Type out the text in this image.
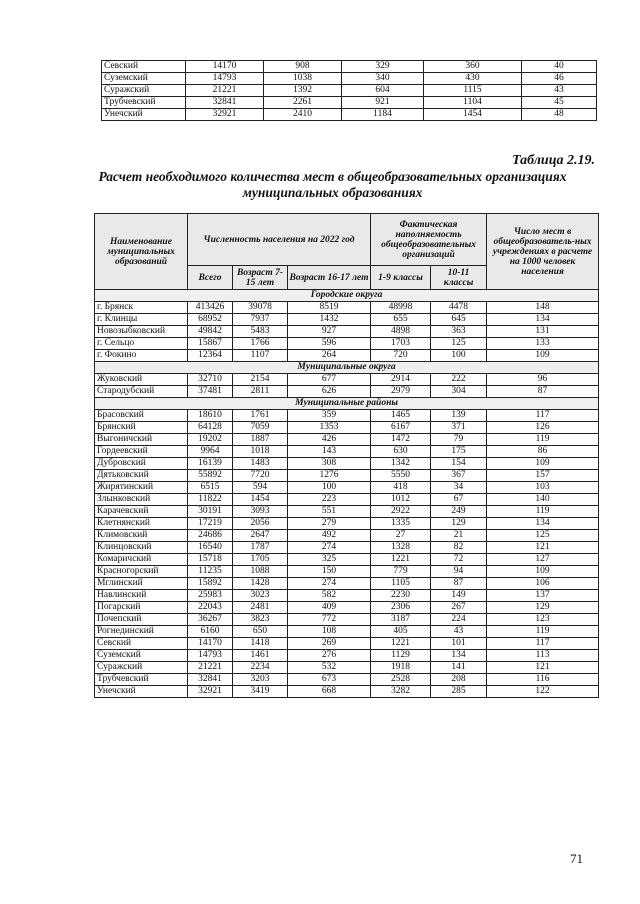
Севский	14170	908	329	360	40
Суземский	14793	1038	340	430	46
Суражский	21221	1392	604	1115	43
Трубчевский	32841	2261	921	1104	45
Унечский	32921	2410	1184	1454	48
Таблица 2.19.
Расчет необходимого количества мест в общеобразовательных организациях
муниципальных образованиях
Наименование муниципальных образований	Численность населения на 2022 год			Фактическая наполняемость общеобразовательных организаций		Число мест в общеобразователь-ных учреждениях в расчете на 1000 человек населения
	Всего	Возраст 7-15 лет	Возраст 16-17 лет	1-9 классы	10-11 классы	
Городские округа						
г. Брянск	413426	39078	8519	48998	4478	148
г. Клинцы	68952	7937	1432	655	645	134
Новозыбковский	49842	5483	927	4898	363	131
г. Сельцо	15867	1766	596	1703	125	133
г. Фокино	12364	1107	264	720	100	109
Муниципальные округа						
Жуковский	32710	2154	677	2914	222	96
Стародубский	37481	2811	626	2979	304	87
Муниципальные районы						
Брасовский	18610	1761	359	1465	139	117
Брянский	64128	7059	1353	6167	371	126
Выгоничский	19202	1887	426	1472	79	119
Гордеевский	9964	1018	143	630	175	86
Дубровский	16139	1483	308	1342	154	109
Дятьковский	55892	7720	1276	5550	367	157
Жирятинский	6515	594	100	418	34	103
Злынковский	11822	1454	223	1012	67	140
Карачевский	30191	3093	551	2922	249	119
Клетнянский	17219	2056	279	1335	129	134
Климовский	24686	2647	492	27	21	125
Клинцовский	16540	1787	274	1328	82	121
Комаричский	15718	1705	325	1221	72	127
Красногорский	11235	1088	150	779	94	109
Мглинский	15892	1428	274	1105	87	106
Навлинский	25983	3023	582	2230	149	137
Погарский	22043	2481	409	2306	267	129
Почепский	36267	3823	772	3187	224	123
Рогнединский	6160	650	108	405	43	119
Севский	14170	1418	269	1221	101	117
Суземский	14793	1461	276	1129	134	113
Суражский	21221	2234	532	1918	141	121
Трубчевский	32841	3203	673	2528	208	116
Унечский	32921	3419	668	3282	285	122
71
